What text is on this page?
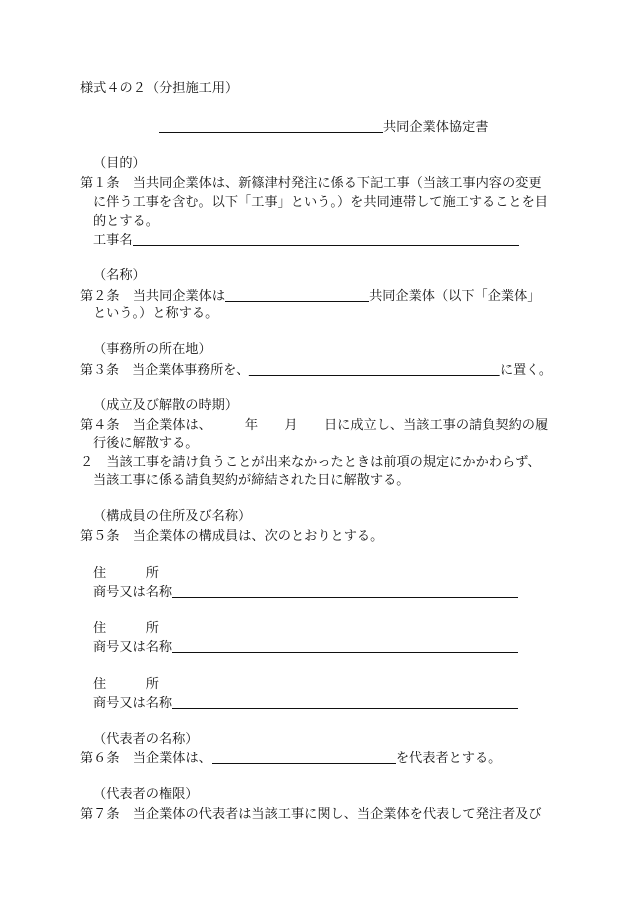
様式４の２（分担施工用）
共同企業体協定書
（目的）
第１条　当共同企業体は、新篠津村発注に係る下記工事（当該工事内容の変更
に伴う工事を含む。以下「工事」という。）を共同連帯して施工することを目
的とする。
工事名
（名称）
第２条　当共同企業体は	共同企業体（以下「企業体」
という。）と称する。
（事務所の所在地）
第３条　当企業体事務所を、	に置く。
（成立及び解散の時期）
第４条　当企業体は、　　　年　　月　　日に成立し、当該工事の請負契約の履
行後に解散する。
２　当該工事を請け負うことが出来なかったときは前項の規定にかかわらず、
当該工事に係る請負契約が締結された日に解散する。
（構成員の住所及び名称）
第５条　当企業体の構成員は、次のとおりとする。
住　　　所
商号又は名称
住　　　所
商号又は名称
住　　　所
商号又は名称
（代表者の名称）
第６条　当企業体は、	を代表者とする。
（代表者の権限）
第７条　当企業体の代表者は当該工事に関し、当企業体を代表して発注者及び
